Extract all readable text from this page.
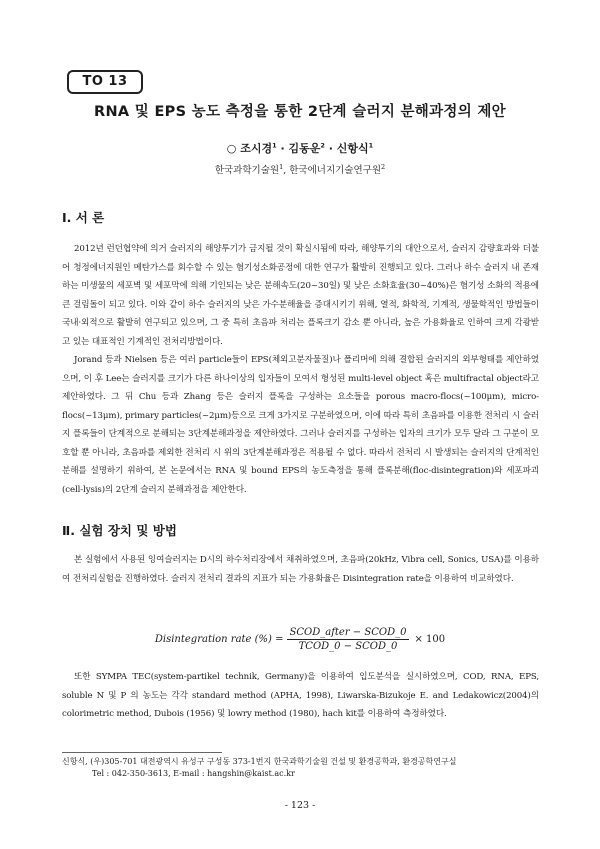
TO 13
RNA 및 EPS 농도 측정을 통한 2단계 슬러지 분해과정의 제안
○ 조시경$^1$ · 김동운$^2$ · 신항식$^1$
한국과학기술원$^1$, 한국에너지기술연구원$^2$
Ⅰ. 서 론

2012년 런던협약에 의거 슬러지의 해양투기가 금지될 것이 확실시됨에 따라, 해양투기의 대안으로서, 슬러지 감량효과와 더불어 청정에너지원인 메탄가스를 회수할 수 있는 혐기성소화공정에 대한 연구가 활발히 진행되고 있다. 그러나 하수 슬러지 내 존재하는 미생물의 세포벽 및 세포막에 의해 기인되는 낮은 분해속도(20~30일) 및 낮은 소화효율(30~40%)은 혐기성 소화의 적용에 큰 걸림돌이 되고 있다. 이와 같이 하수 슬러지의 낮은 가수분해율을 증대시키기 위해, 열적, 화학적, 기계적, 생물학적인 방법들이 국내·외적으로 활발히 연구되고 있으며, 그 중 특히 초음파 처리는 플록크기 감소 뿐 아니라, 높은 가용화율로 인하여 크게 각광받고 있는 대표적인 기계적인 전처리방법이다.

Jorand 등과 Nielsen 등은 여러 particle들이 EPS(체외고분자물질)나 폴리머에 의해 결합된 슬러지의 외부형태를 제안하였으며, 이 후 Lee는 슬러지를 크기가 다른 하나이상의 입자들이 모여서 형성된 multi-level object 혹은 multifractal object라고 제안하였다. 그 뒤 Chu 등과 Zhang 등은 슬러지 플록을 구성하는 요소들을 porous macro-flocs(~100μm), micro-flocs(~13μm), primary particles(~2μm)등으로 크게 3가지로 구분하였으며, 이에 따라 특히 초음파를 이용한 전처리 시 슬러지 플록들이 단계적으로 분해되는 3단계분해과정을 제안하였다. 그러나 슬러지를 구성하는 입자의 크기가 모두 달라 그 구분이 모호할 뿐 아니라, 초음파를 제외한 전처리 시 위의 3단계분해과정은 적용될 수 없다. 따라서 전처리 시 발생되는 슬러지의 단계적인 분해를 설명하기 위하여, 본 논문에서는 RNA 및 bound EPS의 농도측정을 통해 플록분해(floc-disintegration)와 세포파괴(cell-lysis)의 2단계 슬러지 분해과정을 제안한다.

Ⅱ. 실험 장치 및 방법

본 실험에서 사용된 잉여슬러지는 D시의 하수처리장에서 채취하였으며, 초음파(20kHz, Vibra cell, Sonics, USA)를 이용하여 전처리실험을 진행하였다. 슬러지 전처리 결과의 지표가 되는 가용화율은 Disintegration rate을 이용하여 비교하였다.

Disintegration rate (%) = $\frac{\text{SCOD\_after − SCOD\_0}}{\text{TCOD\_0 − SCOD\_0}} \times 100$

또한 SYMPA TEC(system-partikel technik, Germany)을 이용하여 입도분석을 실시하였으며, COD, RNA, EPS, soluble N 및 P 의 농도는 각각 standard method (APHA, 1998), Liwarska-Bizukoje E. and Ledakowicz(2004)의 colorimetric method, Dubois (1956) 및 lowry method (1980), hach kit를 이용하여 측정하였다.

신항식, (우)305-701 대전광역시 유성구 구성동 373-1번지 한국과학기술원 건설 및 환경공학과, 환경공학연구실
Tel : 042-350-3613, E-mail : hangshin@kaist.ac.kr
- 123 -
